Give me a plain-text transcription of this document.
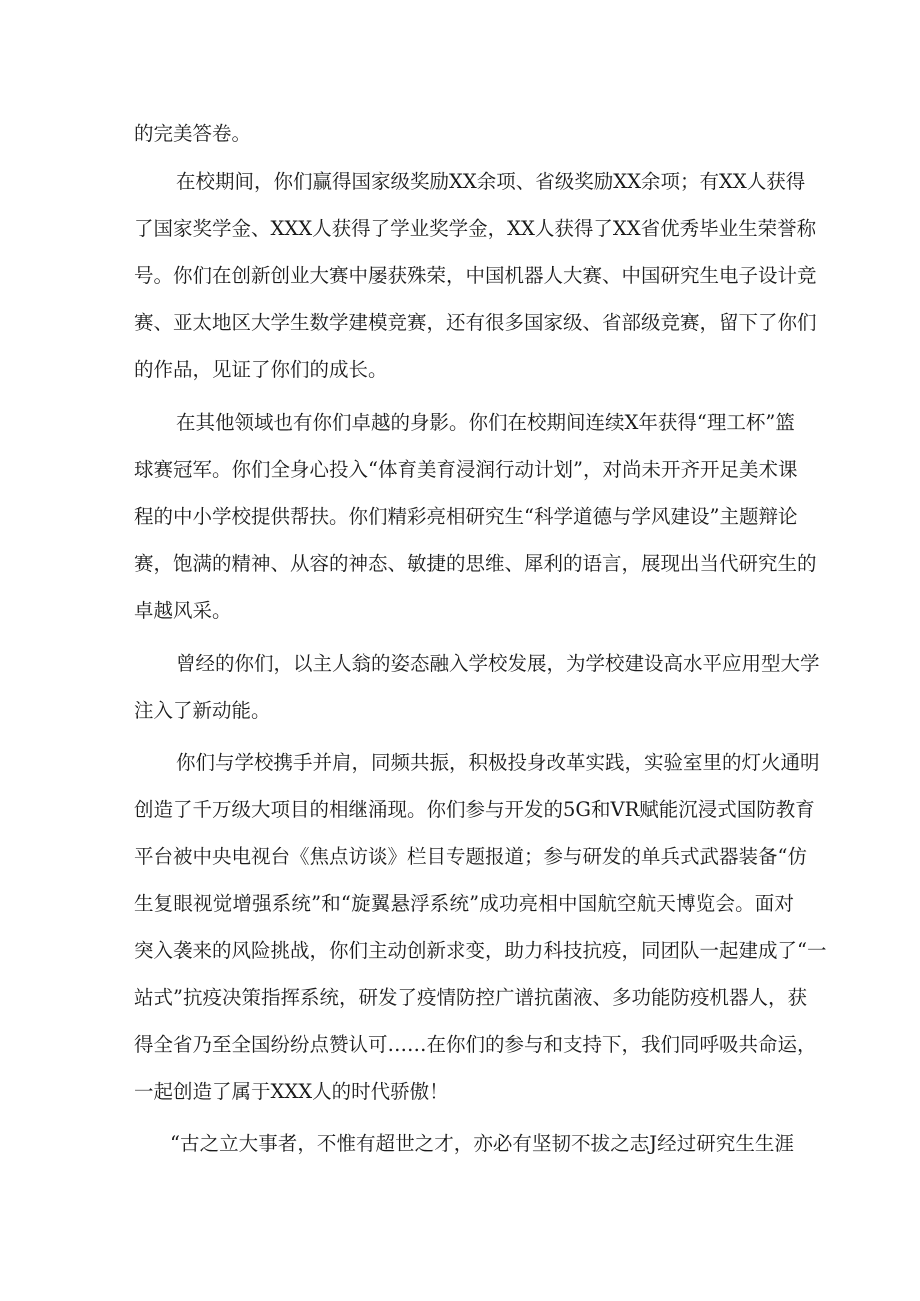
的完美答卷。
在校期间，你们赢得国家级奖励XX余项、省级奖励XX余项；有XX人获得
了国家奖学金、XXX人获得了学业奖学金，XX人获得了XX省优秀毕业生荣誉称
号。你们在创新创业大赛中屡获殊荣，中国机器人大赛、中国研究生电子设计竞
赛、亚太地区大学生数学建模竞赛，还有很多国家级、省部级竞赛，留下了你们
的作品，见证了你们的成长。
在其他领域也有你们卓越的身影。你们在校期间连续X年获得“理工杯”篮
球赛冠军。你们全身心投入“体育美育浸润行动计划”，对尚未开齐开足美术课
程的中小学校提供帮扶。你们精彩亮相研究生“科学道德与学风建设”主题辩论
赛，饱满的精神、从容的神态、敏捷的思维、犀利的语言，展现出当代研究生的
卓越风采。
曾经的你们，以主人翁的姿态融入学校发展，为学校建设高水平应用型大学
注入了新动能。
你们与学校携手并肩，同频共振，积极投身改革实践，实验室里的灯火通明
创造了千万级大项目的相继涌现。你们参与开发的5G和VR赋能沉浸式国防教育
平台被中央电视台《焦点访谈》栏目专题报道；参与研发的单兵式武器装备“仿
生复眼视觉增强系统”和“旋翼悬浮系统”成功亮相中国航空航天博览会。面对
突入袭来的风险挑战，你们主动创新求变，助力科技抗疫，同团队一起建成了“一
站式”抗疫决策指挥系统，研发了疫情防控广谱抗菌液、多功能防疫机器人，获
得全省乃至全国纷纷点赞认可……在你们的参与和支持下，我们同呼吸共命运，
一起创造了属于XXX人的时代骄傲！
“古之立大事者，不惟有超世之才，亦必有坚韧不拔之志J经过研究生生涯
